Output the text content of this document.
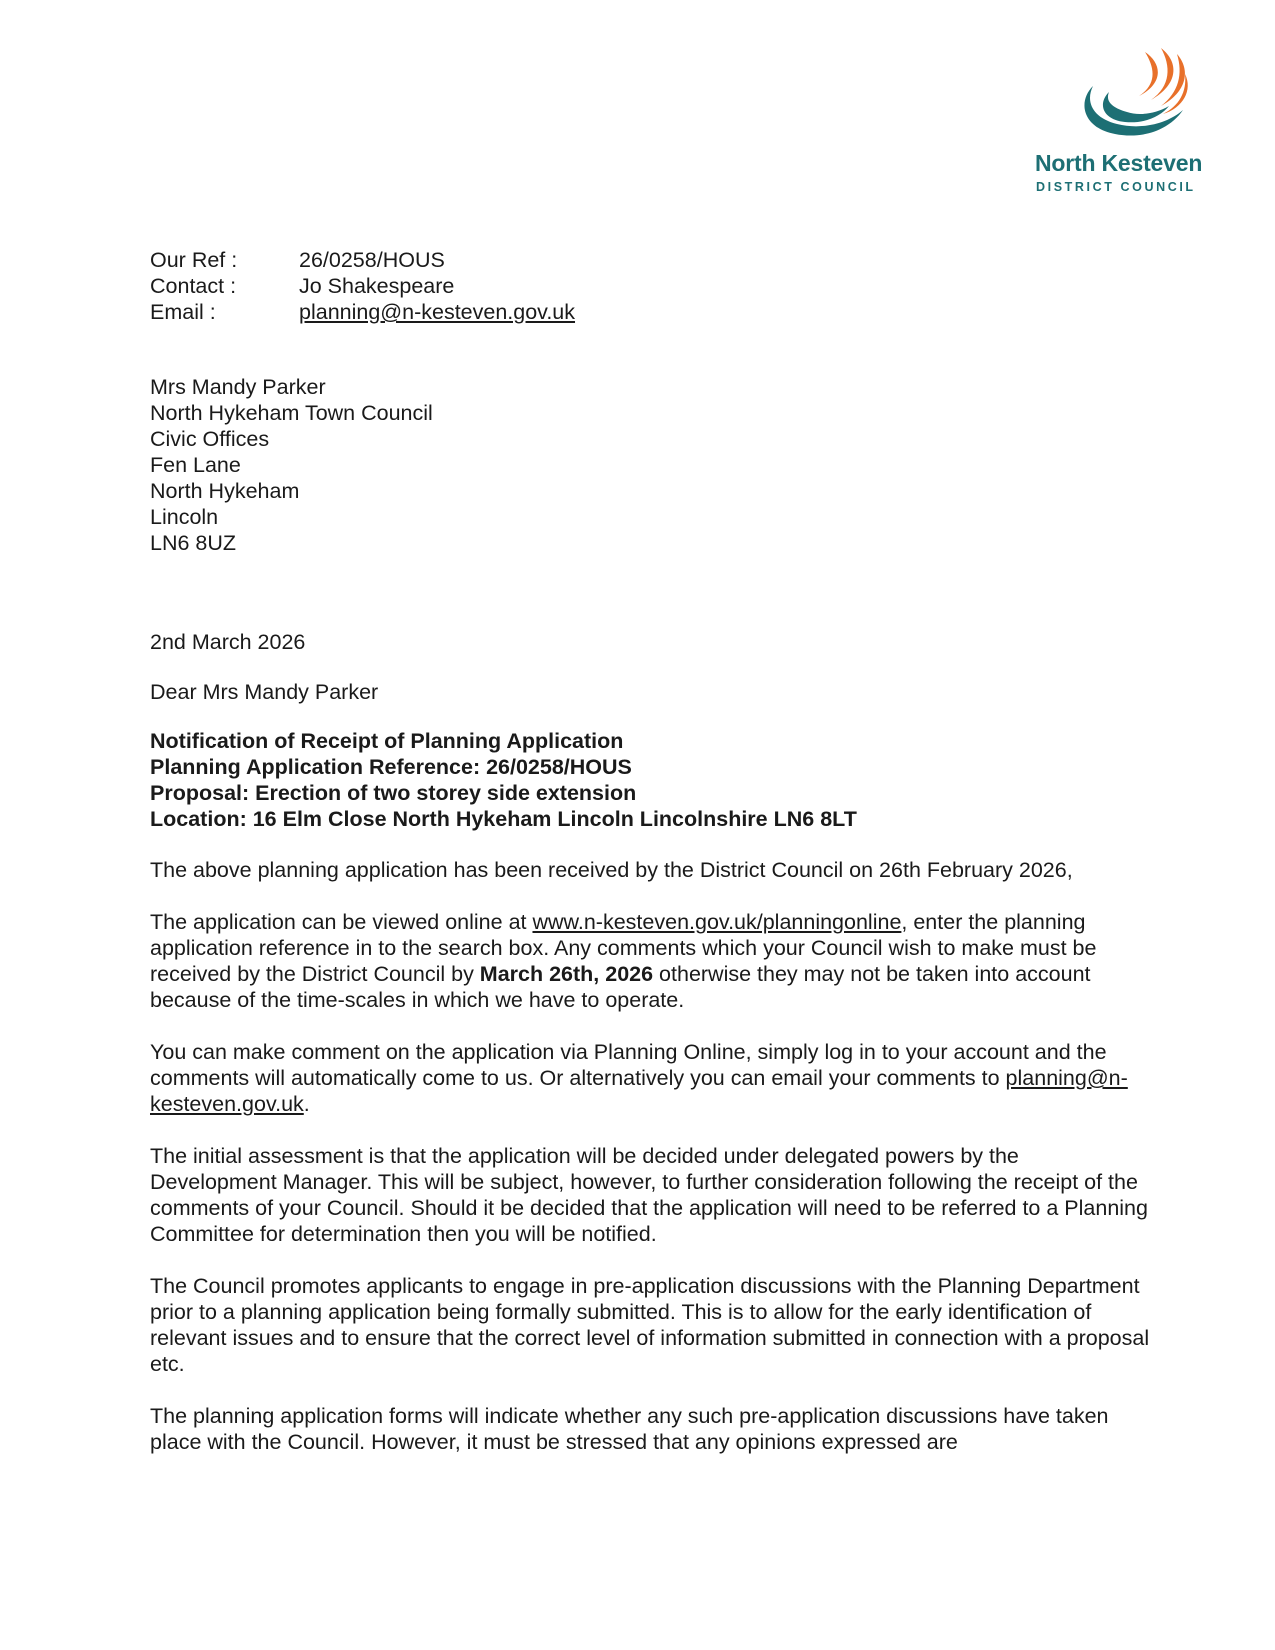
North Kesteven
DISTRICT COUNCIL
Our Ref :	26/0258/HOUS
Contact :	Jo Shakespeare
Email :	planning@n-kesteven.gov.uk
Mrs Mandy Parker
North Hykeham Town Council
Civic Offices
Fen Lane
North Hykeham
Lincoln
LN6 8UZ
2nd March 2026
Dear Mrs Mandy Parker
Notification of Receipt of Planning Application
Planning Application Reference: 26/0258/HOUS
Proposal: Erection of two storey side extension
Location: 16 Elm Close North Hykeham Lincoln Lincolnshire LN6 8LT

The above planning application has been received by the District Council on 26th February 2026,

The application can be viewed online at www.n-kesteven.gov.uk/planningonline, enter the planning application reference in to the search box. Any comments which your Council wish to make must be received by the District Council by March 26th, 2026 otherwise they may not be taken into account because of the time-scales in which we have to operate.

You can make comment on the application via Planning Online, simply log in to your account and the comments will automatically come to us. Or alternatively you can email your comments to planning@n-kesteven.gov.uk.

The initial assessment is that the application will be decided under delegated powers by the Development Manager. This will be subject, however, to further consideration following the receipt of the comments of your Council. Should it be decided that the application will need to be referred to a Planning Committee for determination then you will be notified.

The Council promotes applicants to engage in pre-application discussions with the Planning Department prior to a planning application being formally submitted. This is to allow for the early identification of relevant issues and to ensure that the correct level of information submitted in connection with a proposal etc.

The planning application forms will indicate whether any such pre-application discussions have taken place with the Council. However, it must be stressed that any opinions expressed are
